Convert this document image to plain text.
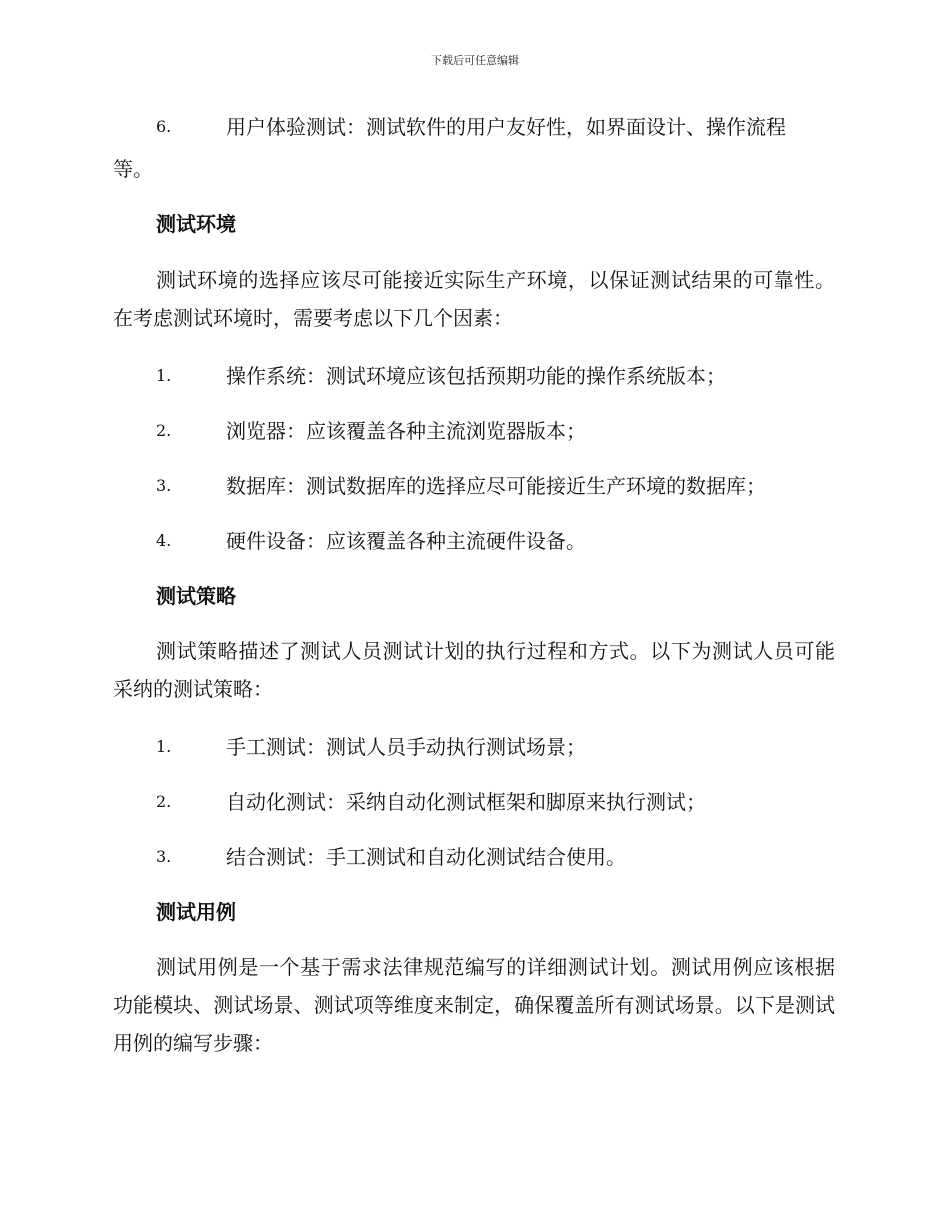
下载后可任意编辑
6.	用户体验测试：测试软件的用户友好性，如界面设计、操作流程
等。
测试环境

测试环境的选择应该尽可能接近实际生产环境，以保证测试结果的可靠性。在考虑测试环境时，需要考虑以下几个因素：

1.	操作系统：测试环境应该包括预期功能的操作系统版本；
2.	浏览器：应该覆盖各种主流浏览器版本；
3.	数据库：测试数据库的选择应尽可能接近生产环境的数据库；
4.	硬件设备：应该覆盖各种主流硬件设备。
测试策略

测试策略描述了测试人员测试计划的执行过程和方式。以下为测试人员可能采纳的测试策略：

1.	手工测试：测试人员手动执行测试场景；
2.	自动化测试：采纳自动化测试框架和脚原来执行测试；
3.	结合测试：手工测试和自动化测试结合使用。
测试用例

测试用例是一个基于需求法律规范编写的详细测试计划。测试用例应该根据功能模块、测试场景、测试项等维度来制定，确保覆盖所有测试场景。以下是测试用例的编写步骤：
